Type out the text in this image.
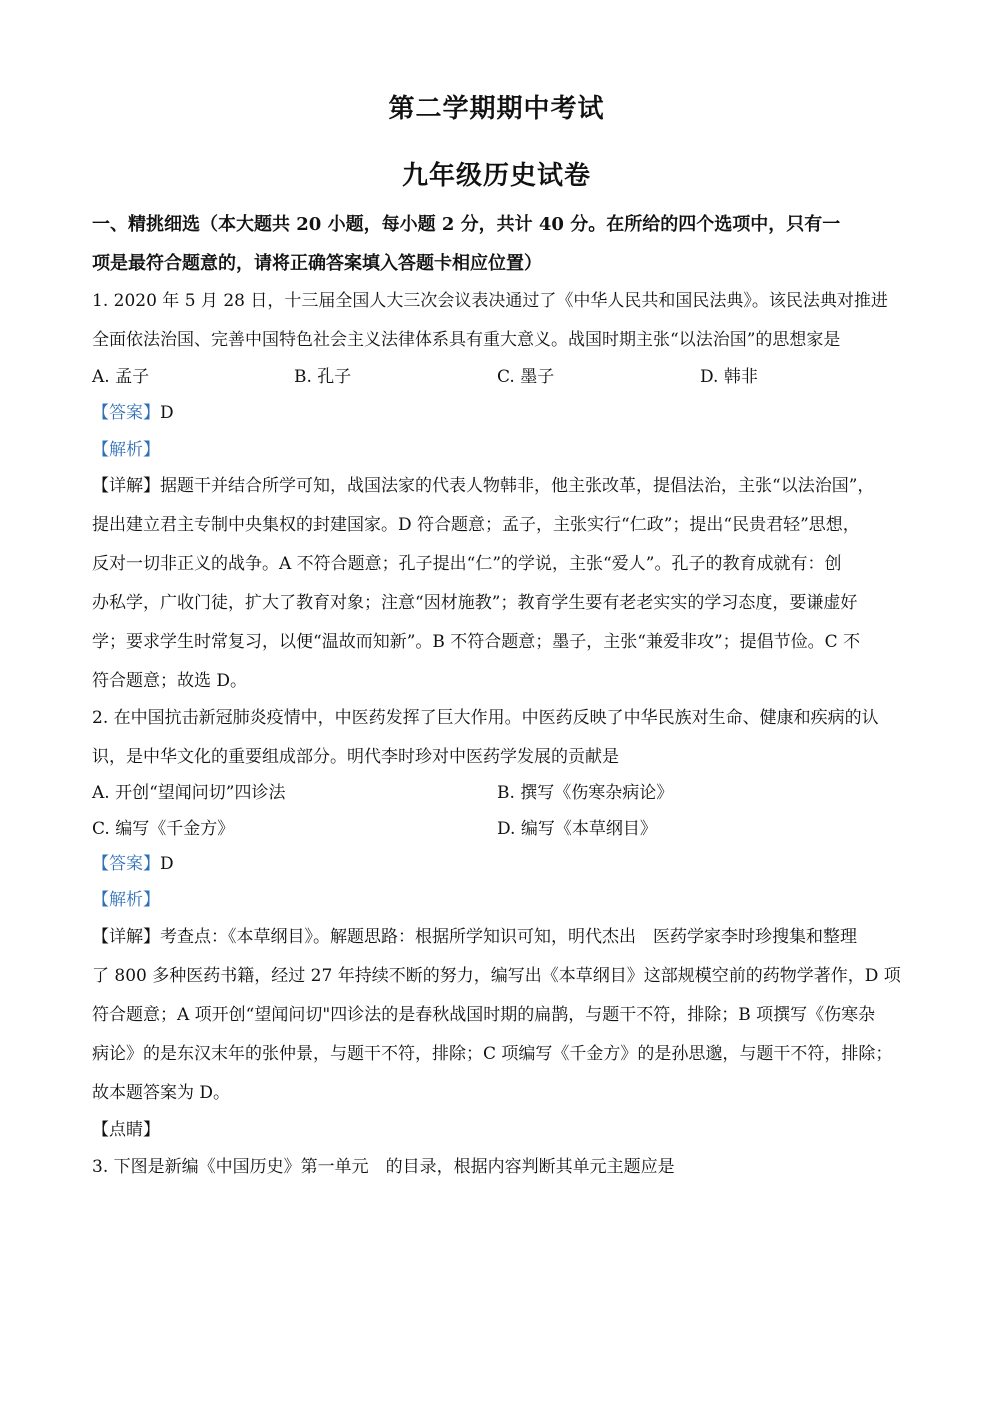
第二学期期中考试
九年级历史试卷
一、精挑细选（本大题共 20 小题，每小题 2 分，共计 40 分。在所给的四个选项中，只有一
项是最符合题意的，请将正确答案填入答题卡相应位置）
1. 2020 年 5 月 28 日，十三届全国人大三次会议表决通过了《中华人民共和国民法典》。该民法典对推进
全面依法治国、完善中国特色社会主义法律体系具有重大意义。战国时期主张“以法治国”的思想家是
A. 孟子	B. 孔子	C. 墨子	D. 韩非
【答案】D
【解析】
【详解】据题干并结合所学可知，战国法家的代表人物韩非，他主张改革，提倡法治，主张“以法治国”，
提出建立君主专制中央集权的封建国家。D 符合题意；孟子，主张实行“仁政”；提出“民贵君轻”思想，
反对一切非正义的战争。A 不符合题意；孔子提出“仁”的学说，主张“爱人”。孔子的教育成就有：创
办私学，广收门徒，扩大了教育对象；注意“因材施教”；教育学生要有老老实实的学习态度，要谦虚好
学；要求学生时常复习，以便“温故而知新”。B 不符合题意；墨子，主张“兼爱非攻”；提倡节俭。C 不
符合题意；故选 D。
2. 在中国抗击新冠肺炎疫情中，中医药发挥了巨大作用。中医药反映了中华民族对生命、健康和疾病的认
识，是中华文化的重要组成部分。明代李时珍对中医药学发展的贡献是
A. 开创“望闻问切”四诊法	B. 撰写《伤寒杂病论》
C. 编写《千金方》	D. 编写《本草纲目》
【答案】D
【解析】
【详解】考查点：《本草纲目》。解题思路：根据所学知识可知，明代杰出　医药学家李时珍搜集和整理
了 800 多种医药书籍，经过 27 年持续不断的努力，编写出《本草纲目》这部规模空前的药物学著作，D 项
符合题意；A 项开创“望闻问切"四诊法的是春秋战国时期的扁鹊，与题干不符，排除；B 项撰写《伤寒杂
病论》的是东汉末年的张仲景，与题干不符，排除；C 项编写《千金方》的是孙思邈，与题干不符，排除；
故本题答案为 D。
【点睛】
3. 下图是新编《中国历史》第一单元　的目录，根据内容判断其单元主题应是
